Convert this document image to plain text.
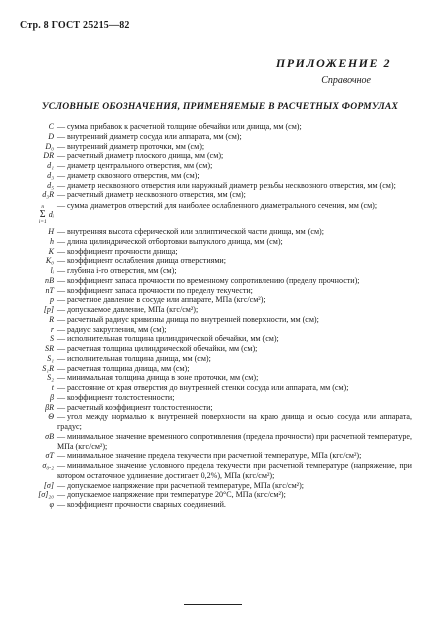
Стр. 8 ГОСТ 25215—82
ПРИЛОЖЕНИЕ 2
Справочное
УСЛОВНЫЕ ОБОЗНАЧЕНИЯ, ПРИМЕНЯЕМЫЕ В РАСЧЕТНЫХ ФОРМУЛАХ
C — сумма прибавок к расчетной толщине обечайки или днища, мм (см);
D — внутренний диаметр сосуда или аппарата, мм (см);
D₀ — внутренний диаметр проточки, мм (см);
DR — расчетный диаметр плоского днища, мм (см);
d₁ — диаметр центрального отверстия, мм (см);
d₃ — диаметр сквозного отверстия, мм (см);
d₅ — диаметр несквозного отверстия или наружный диаметр резьбы несквозного отверстия, мм (см);
d₃R — расчетный диаметр несквозного отверстия, мм (см);
n
Σ
i=1
dᵢ
— сумма диаметров отверстий для наиболее ослабленного диаметрального сечения, мм (см);
H — внутренняя высота сферической или эллиптической части днища, мм (см);
h — длина цилиндрической отбортовки выпуклого днища, мм (см);
K — коэффициент прочности днища;
K₀ — коэффициент ослабления днища отверстиями;
lᵢ — глубина i-го отверстия, мм (см);
nB — коэффициент запаса прочности по временному сопротивлению (пределу прочности);
nT — коэффициент запаса прочности по пределу текучести;
p — расчетное давление в сосуде или аппарате, МПа (кгс/см²);
[p] — допускаемое давление, МПа (кгс/см²);
R — расчетный радиус кривизны днища по внутренней поверхности, мм (см);
r — радиус закругления, мм (см);
S — исполнительная толщина цилиндрической обечайки, мм (см);
SR — расчетная толщина цилиндрической обечайки, мм (см);
S₁ — исполнительная толщина днища, мм (см);
S₁R — расчетная толщина днища, мм (см);
S₂ — минимальная толщина днища в зоне проточки, мм (см);
t — расстояние от края отверстия до внутренней стенки сосуда или аппарата, мм (см);
β — коэффициент толстостенности;
βR — расчетный коэффициент толстостенности;
Θ — угол между нормалью к внутренней поверхности на краю днища и осью сосуда или аппарата, градус;
σB — минимальное значение временного сопротивления (предела прочности) при расчетной температуре, МПа (кгс/см²);
σT — минимальное значение предела текучести при расчетной температуре, МПа (кгс/см²);
σ₀.₂ — минимальное значение условного предела текучести при расчетной температуре (напряжение, при котором остаточное удлинение достигает 0,2%), МПа (кгс/см²);
[σ] — допускаемое напряжение при расчетной температуре, МПа (кгс/см²);
[σ]₂₀ — допускаемое напряжение при температуре 20°С, МПа (кгс/см²);
φ — коэффициент прочности сварных соединений.
